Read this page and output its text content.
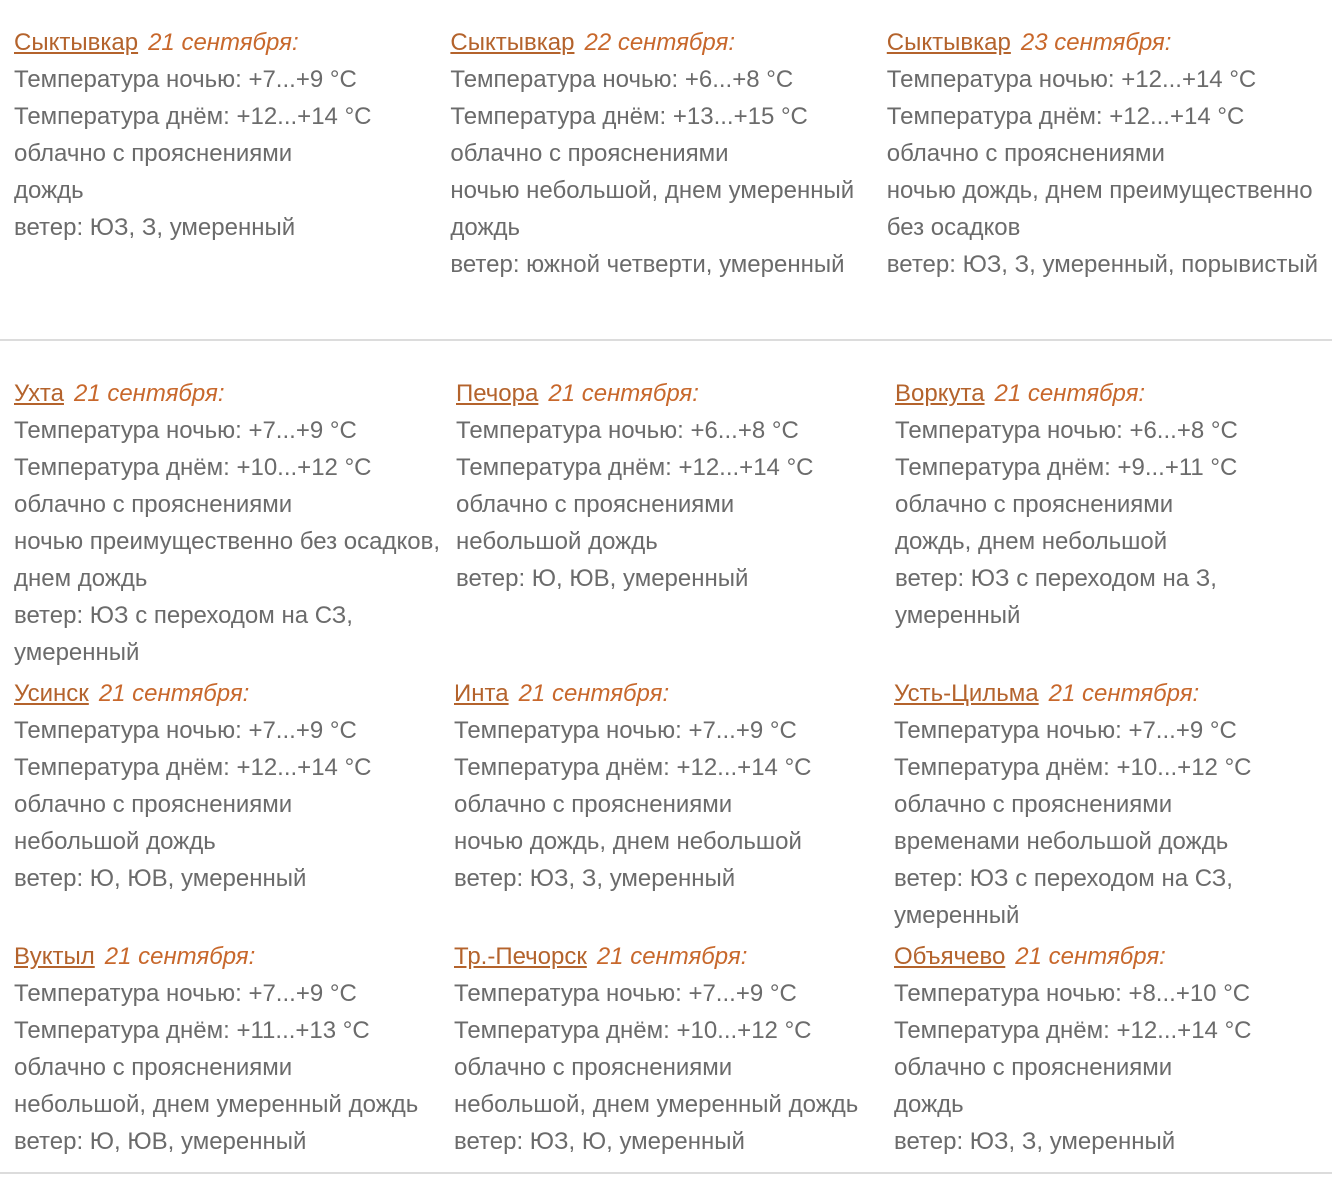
Сыктывкар 21 сентября:
Температура ночью: +7...+9 °C
Температура днём: +12...+14 °C
облачно с прояснениями
дождь
ветер: ЮЗ, З, умеренный
Сыктывкар 22 сентября:
Температура ночью: +6...+8 °C
Температура днём: +13...+15 °C
облачно с прояснениями
ночью небольшой, днем умеренный
дождь
ветер: южной четверти, умеренный
Сыктывкар 23 сентября:
Температура ночью: +12...+14 °C
Температура днём: +12...+14 °C
облачно с прояснениями
ночью дождь, днем преимущественно
без осадков
ветер: ЮЗ, З, умеренный, порывистый
Ухта 21 сентября:
Температура ночью: +7...+9 °C
Температура днём: +10...+12 °C
облачно с прояснениями
ночью преимущественно без осадков,
днем дождь
ветер: ЮЗ с переходом на СЗ,
умеренный
Печора 21 сентября:
Температура ночью: +6...+8 °C
Температура днём: +12...+14 °C
облачно с прояснениями
небольшой дождь
ветер: Ю, ЮВ, умеренный
Воркута 21 сентября:
Температура ночью: +6...+8 °C
Температура днём: +9...+11 °C
облачно с прояснениями
дождь, днем небольшой
ветер: ЮЗ с переходом на З,
умеренный
Усинск 21 сентября:
Температура ночью: +7...+9 °C
Температура днём: +12...+14 °C
облачно с прояснениями
небольшой дождь
ветер: Ю, ЮВ, умеренный
Инта 21 сентября:
Температура ночью: +7...+9 °C
Температура днём: +12...+14 °C
облачно с прояснениями
ночью дождь, днем небольшой
ветер: ЮЗ, З, умеренный
Усть-Цильма 21 сентября:
Температура ночью: +7...+9 °C
Температура днём: +10...+12 °C
облачно с прояснениями
временами небольшой дождь
ветер: ЮЗ с переходом на СЗ,
умеренный
Вуктыл 21 сентября:
Температура ночью: +7...+9 °C
Температура днём: +11...+13 °C
облачно с прояснениями
небольшой, днем умеренный дождь
ветер: Ю, ЮВ, умеренный
Тр.-Печорск 21 сентября:
Температура ночью: +7...+9 °C
Температура днём: +10...+12 °C
облачно с прояснениями
небольшой, днем умеренный дождь
ветер: ЮЗ, Ю, умеренный
Объячево 21 сентября:
Температура ночью: +8...+10 °C
Температура днём: +12...+14 °C
облачно с прояснениями
дождь
ветер: ЮЗ, З, умеренный
